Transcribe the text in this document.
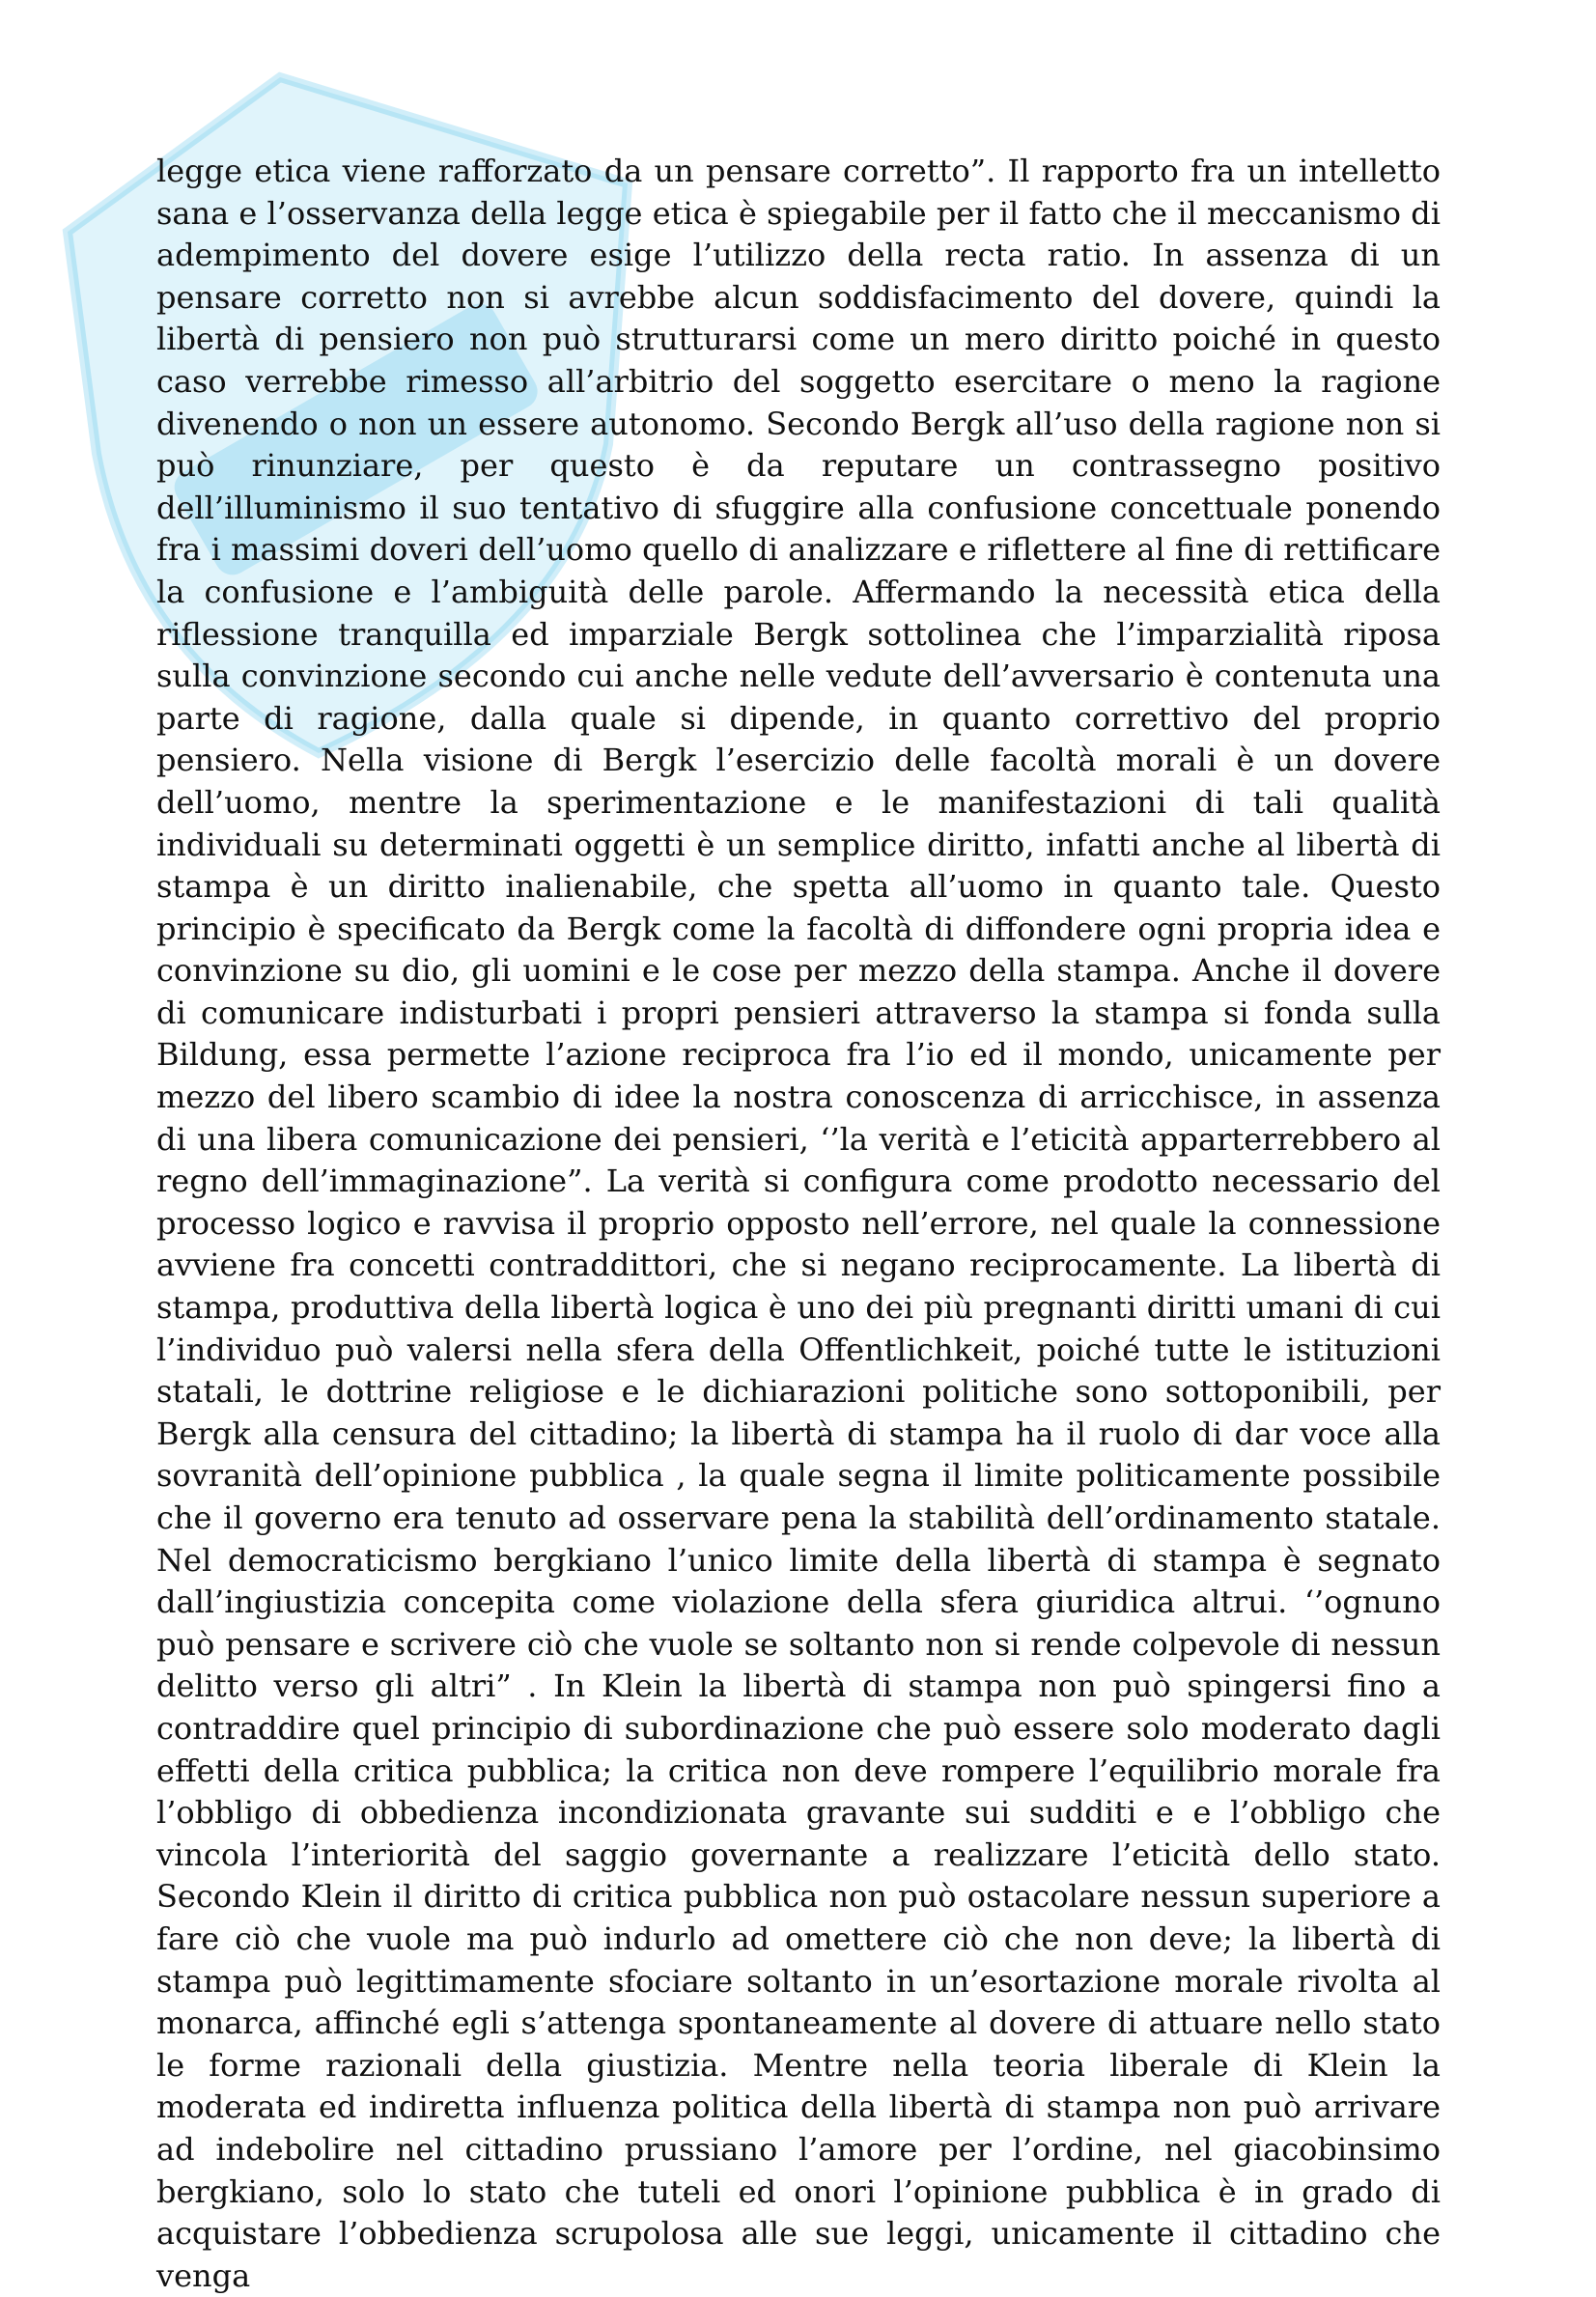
legge etica viene rafforzato da un pensare corretto”. Il rapporto fra un intelletto sana e l’osservanza della legge etica è spiegabile per il fatto che il meccanismo di adempimento del dovere esige l’utilizzo della recta ratio. In assenza di un pensare corretto non si avrebbe alcun soddisfacimento del dovere, quindi la libertà di pensiero non può strutturarsi come un mero diritto poiché in questo caso verrebbe rimesso all’arbitrio del soggetto esercitare o meno la ragione divenendo o non un essere autonomo. Secondo Bergk all’uso della ragione non si può rinunziare, per questo è da reputare un contrassegno positivo dell’illuminismo il suo tentativo di sfuggire alla confusione concettuale ponendo fra i massimi doveri dell’uomo quello di analizzare e riflettere al fine di rettificare la confusione e l’ambiguità delle parole. Affermando la necessità etica della riflessione tranquilla ed imparziale Bergk sottolinea che l’imparzialità riposa sulla convinzione secondo cui anche nelle vedute dell’avversario è contenuta una parte di ragione, dalla quale si dipende, in quanto correttivo del proprio pensiero. Nella visione di Bergk l’esercizio delle facoltà morali è un dovere dell’uomo, mentre la sperimentazione e le manifestazioni di tali qualità individuali su determinati oggetti è un semplice diritto, infatti anche al libertà di stampa è un diritto inalienabile, che spetta all’uomo in quanto tale. Questo principio è specificato da Bergk come la facoltà di diffondere ogni propria idea e convinzione su dio, gli uomini e le cose per mezzo della stampa. Anche il dovere di comunicare indisturbati i propri pensieri attraverso la stampa si fonda sulla Bildung, essa permette l’azione reciproca fra l’io ed il mondo, unicamente per mezzo del libero scambio di idee la nostra conoscenza di arricchisce, in assenza di una libera comunicazione dei pensieri, ‘’la verità e l’eticità apparterrebbero al regno dell’immaginazione”. La verità si configura come prodotto necessario del processo logico e ravvisa il proprio opposto nell’errore, nel quale la connessione avviene fra concetti contraddittori, che si negano reciprocamente. La libertà di stampa, produttiva della libertà logica è uno dei più pregnanti diritti umani di cui l’individuo può valersi nella sfera della Offentlichkeit, poiché tutte le istituzioni statali, le dottrine religiose e le dichiarazioni politiche sono sottoponibili, per Bergk alla censura del cittadino; la libertà di stampa ha il ruolo di dar voce alla sovranità dell’opinione pubblica , la quale segna il limite politicamente possibile che il governo era tenuto ad osservare pena la stabilità dell’ordinamento statale. Nel democraticismo bergkiano l’unico limite della libertà di stampa è segnato dall’ingiustizia concepita come violazione della sfera giuridica altrui. ‘’ognuno può pensare e scrivere ciò che vuole se soltanto non si rende colpevole di nessun delitto verso gli altri” . In Klein la libertà di stampa non può spingersi fino a contraddire quel principio di subordinazione che può essere solo moderato dagli effetti della critica pubblica; la critica non deve rompere l’equilibrio morale fra l’obbligo di obbedienza incondizionata gravante sui sudditi e e l’obbligo che vincola l’interiorità del saggio governante a realizzare l’eticità dello stato. Secondo Klein il diritto di critica pubblica non può ostacolare nessun superiore a fare ciò che vuole ma può indurlo ad omettere ciò che non deve; la libertà di stampa può legittimamente sfociare soltanto in un’esortazione morale rivolta al monarca, affinché egli s’attenga spontaneamente al dovere di attuare nello stato le forme razionali della giustizia. Mentre nella teoria liberale di Klein la moderata ed indiretta influenza politica della libertà di stampa non può arrivare ad indebolire nel cittadino prussiano l’amore per l’ordine, nel giacobinsimo bergkiano, solo lo stato che tuteli ed onori l’opinione pubblica è in grado di acquistare l’obbedienza scrupolosa alle sue leggi, unicamente il cittadino che venga
